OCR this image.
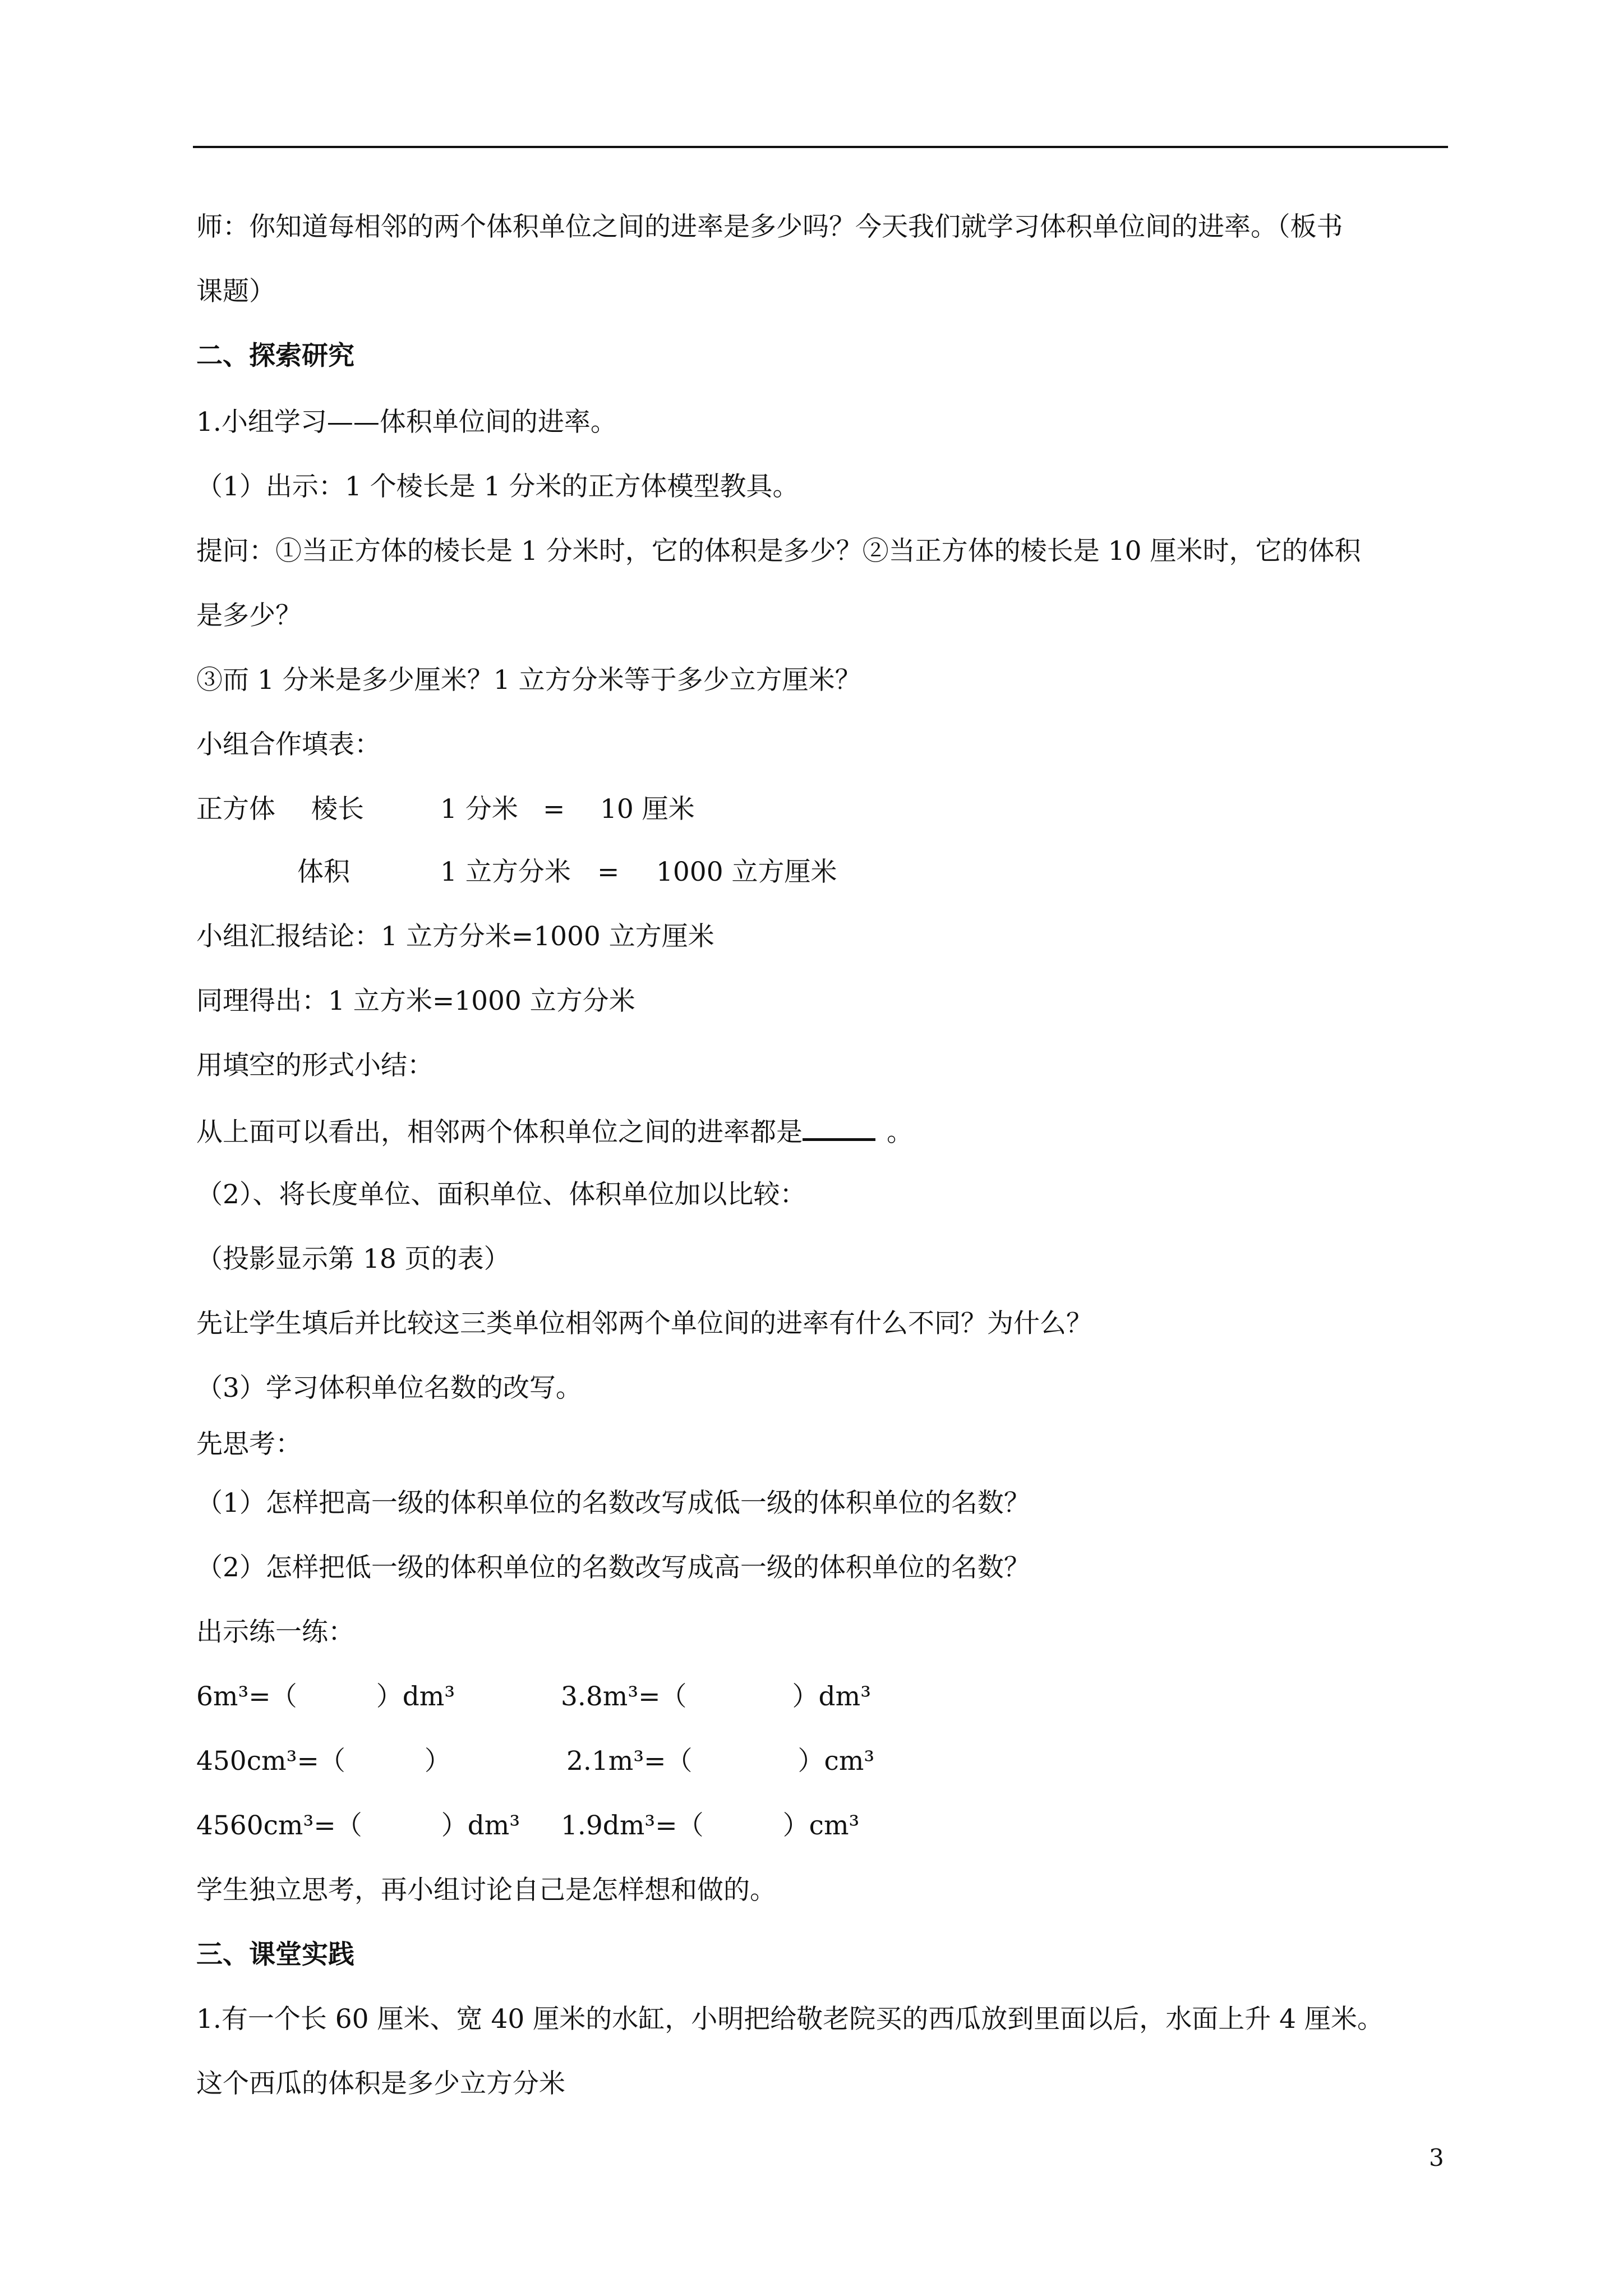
师：你知道每相邻的两个体积单位之间的进率是多少吗？今天我们就学习体积单位间的进率。（板书
课题）
二、探索研究
1.小组学习——体积单位间的进率。
（1）出示：1 个棱长是 1 分米的正方体模型教具。
提问：①当正方体的棱长是 1 分米时，它的体积是多少？②当正方体的棱长是 10 厘米时，它的体积
是多少？
③而 1 分米是多少厘米？1 立方分米等于多少立方厘米？
小组合作填表：
正方体 棱长	1 分米 = 10 厘米
体积	1 立方分米 = 1000 立方厘米
小组汇报结论：1 立方分米=1000 立方厘米
同理得出：1 立方米=1000 立方分米
用填空的形式小结：
从上面可以看出，相邻两个体积单位之间的进率都是	。
（2）、将长度单位、面积单位、体积单位加以比较：
（投影显示第 18 页的表）
先让学生填后并比较这三类单位相邻两个单位间的进率有什么不同？为什么？
（3）学习体积单位名数的改写。
先思考：
（1）怎样把高一级的体积单位的名数改写成低一级的体积单位的名数？
（2）怎样把低一级的体积单位的名数改写成高一级的体积单位的名数？
出示练一练：
6m³=（　　　）dm³	3.8m³=（　　　　）dm³
450cm³=（　　　）	2.1m³=（　　　　）cm³
4560cm³=（　　　）dm³ 1.9dm³=（　　　）cm³
学生独立思考，再小组讨论自己是怎样想和做的。
三、课堂实践
1.有一个长 60 厘米、宽 40 厘米的水缸，小明把给敬老院买的西瓜放到里面以后，水面上升 4 厘米。
这个西瓜的体积是多少立方分米
3
